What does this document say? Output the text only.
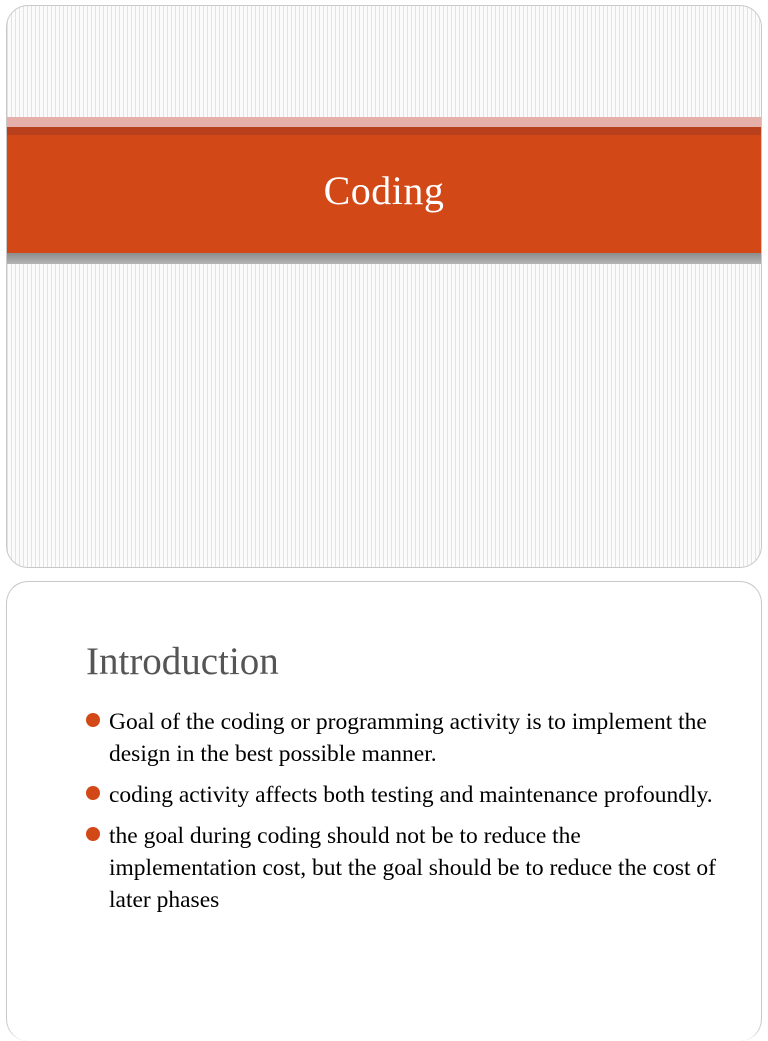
Coding
Introduction
Goal of the coding or programming activity is to implement the design in the best possible manner.
coding activity affects both testing and maintenance profoundly.
the goal during coding should not be to reduce the implementation cost, but the goal should be to reduce the cost of later phases
